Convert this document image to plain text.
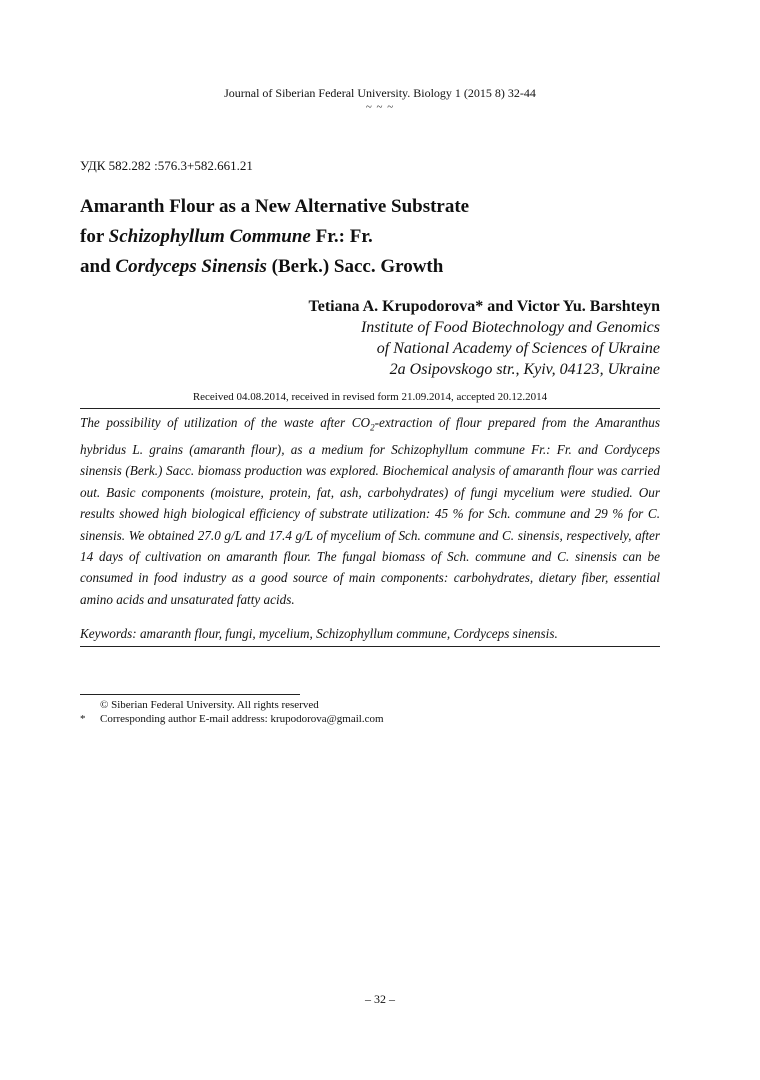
Journal of Siberian Federal University. Biology 1 (2015 8) 32-44
~ ~ ~
УДК 582.282 :576.3+582.661.21
Amaranth Flour as a New Alternative Substrate
for Schizophyllum Commune Fr.: Fr.
and Cordyceps Sinensis (Berk.) Sacc. Growth
Tetiana A. Krupodorova* and Victor Yu. Barshteyn
Institute of Food Biotechnology and Genomics
of National Academy of Sciences of Ukraine
2a Osipovskogo str., Kyiv, 04123, Ukraine
Received 04.08.2014, received in revised form 21.09.2014, accepted 20.12.2014

The possibility of utilization of the waste after $CO_2$-extraction of flour prepared from the Amaranthus hybridus L. grains (amaranth flour), as a medium for Schizophyllum commune Fr.: Fr. and Cordyceps sinensis (Berk.) Sacc. biomass production was explored. Biochemical analysis of amaranth flour was carried out. Basic components (moisture, protein, fat, ash, carbohydrates) of fungi mycelium were studied. Our results showed high biological efficiency of substrate utilization: 45 % for Sch. commune and 29 % for C. sinensis. We obtained 27.0 g/L and 17.4 g/L of mycelium of Sch. commune and C. sinensis, respectively, after 14 days of cultivation on amaranth flour. The fungal biomass of Sch. commune and C. sinensis can be consumed in food industry as a good source of main components: carbohydrates, dietary fiber, essential amino acids and unsaturated fatty acids.

Keywords: amaranth flour, fungi, mycelium, Schizophyllum commune, Cordyceps sinensis.
© Siberian Federal University. All rights reserved
* Corresponding author E-mail address: krupodorova@gmail.com
– 32 –
